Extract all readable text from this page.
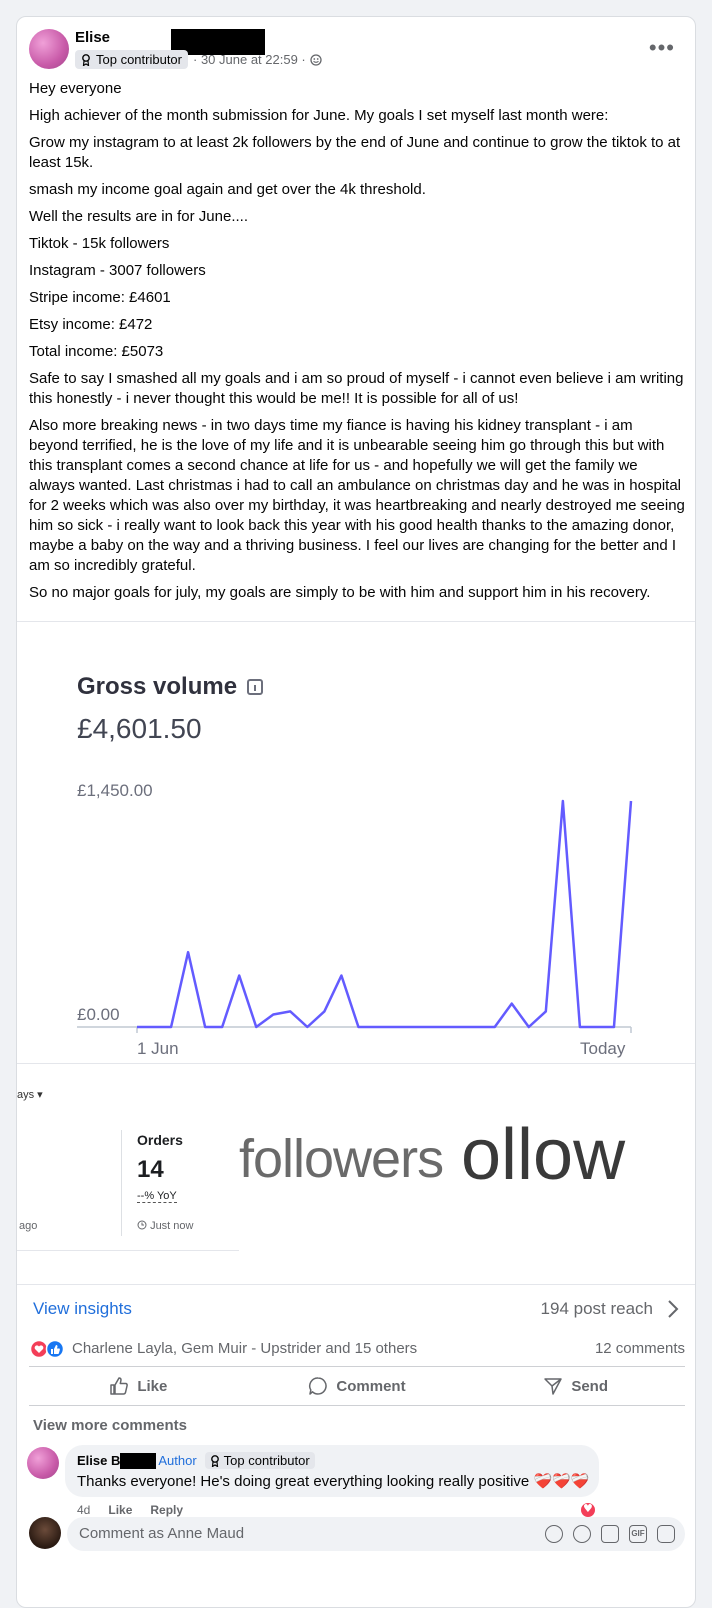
Elise
Top contributor · 30 June at 22:59 ·	•••

Hey everyone

High achiever of the month submission for June. My goals I set myself last month were:

Grow my instagram to at least 2k followers by the end of June and continue to grow the tiktok to at least 15k.

smash my income goal again and get over the 4k threshold.

Well the results are in for June....

Tiktok - 15k followers

Instagram - 3007 followers

Stripe income: £4601

Etsy income: £472

Total income: £5073

Safe to say I smashed all my goals and i am so proud of myself - i cannot even believe i am writing this honestly - i never thought this would be me!! It is possible for all of us!

Also more breaking news - in two days time my fiance is having his kidney transplant - i am beyond terrified, he is the love of my life and it is unbearable seeing him go through this but with this transplant comes a second chance at life for us - and hopefully we will get the family we always wanted. Last christmas i had to call an ambulance on christmas day and he was in hospital for 2 weeks which was also over my birthday, it was heartbreaking and nearly destroyed me seeing him so sick - i really want to look back this year with his good health thanks to the amazing donor, maybe a baby on the way and a thriving business. I feel our lives are changing for the better and I am so incredibly grateful.

So no major goals for july, my goals are simply to be with him and support him in his recovery.

Gross volume
£4,601.50
£1,450.00
£0.00
1 Jun	Today
ays ▾
Orders
14
--% YoY
ago	Just now
followers ollow
View insights	194 post reach
Charlene Layla, Gem Muir - Upstrider and 15 others	12 comments
Like	Comment	Send
View more comments
Elise B	Author Top contributor
Thanks everyone! He's doing great everything looking really positive ❤️‍🩹❤️‍🩹❤️‍🩹
4d Like Reply
♥
Comment as Anne Maud	GIF
